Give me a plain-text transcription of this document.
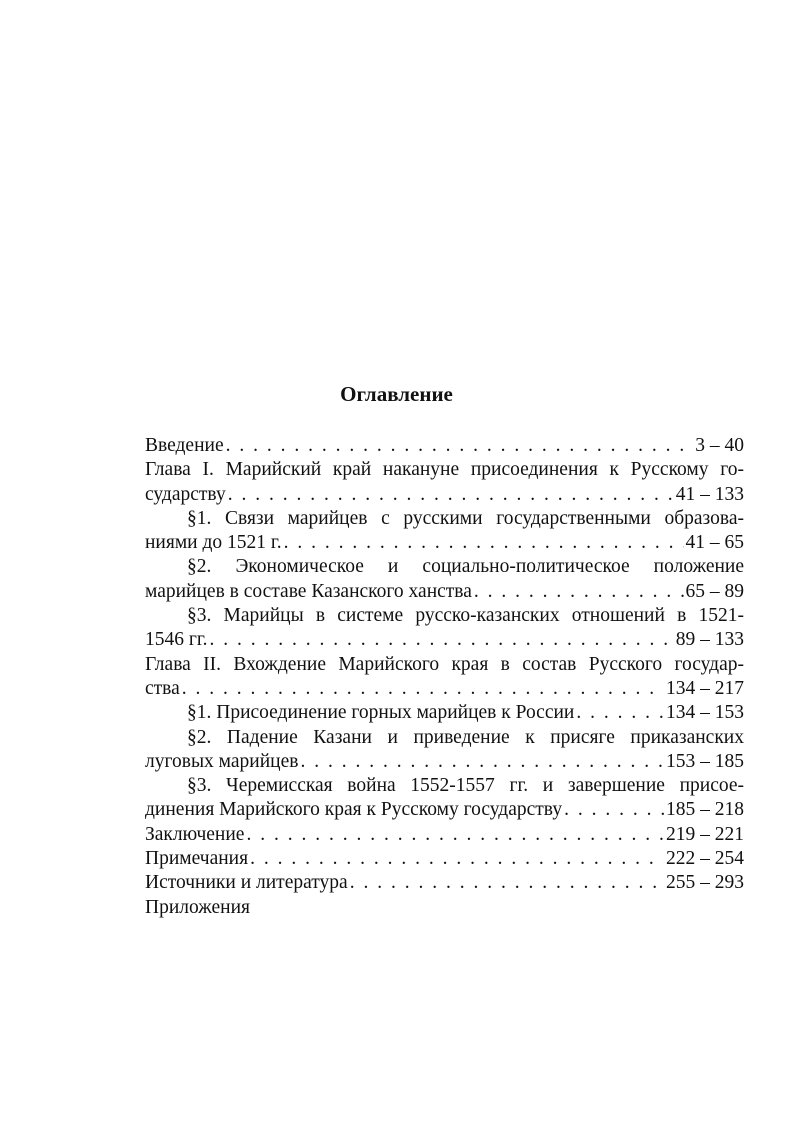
Оглавление
Введение . . .	3 – 40
Глава I. Марийский край накануне присоединения к Русскому го-
сударству . . .	41 – 133
§1. Связи марийцев с русскими государственными образова-
ниями до 1521 г. . . .	41 – 65
§2. Экономическое и социально-политическое положение
марийцев в составе Казанского ханства . . .	65 – 89
§3. Марийцы в системе русско-казанских отношений в 1521-
1546 гг. . . .	89 – 133
Глава II. Вхождение Марийского края в состав Русского государ-
ства . . .	134 – 217
§1. Присоединение горных марийцев к России . . .	134 – 153
§2. Падение Казани и приведение к присяге приказанских
луговых марийцев . . .	153 – 185
§3. Черемисская война 1552-1557 гг. и завершение присое-
динения Марийского края к Русскому государству . . .	185 – 218
Заключение . . .	219 – 221
Примечания . . .	222 – 254
Источники и литература . . .	255 – 293
Приложения
